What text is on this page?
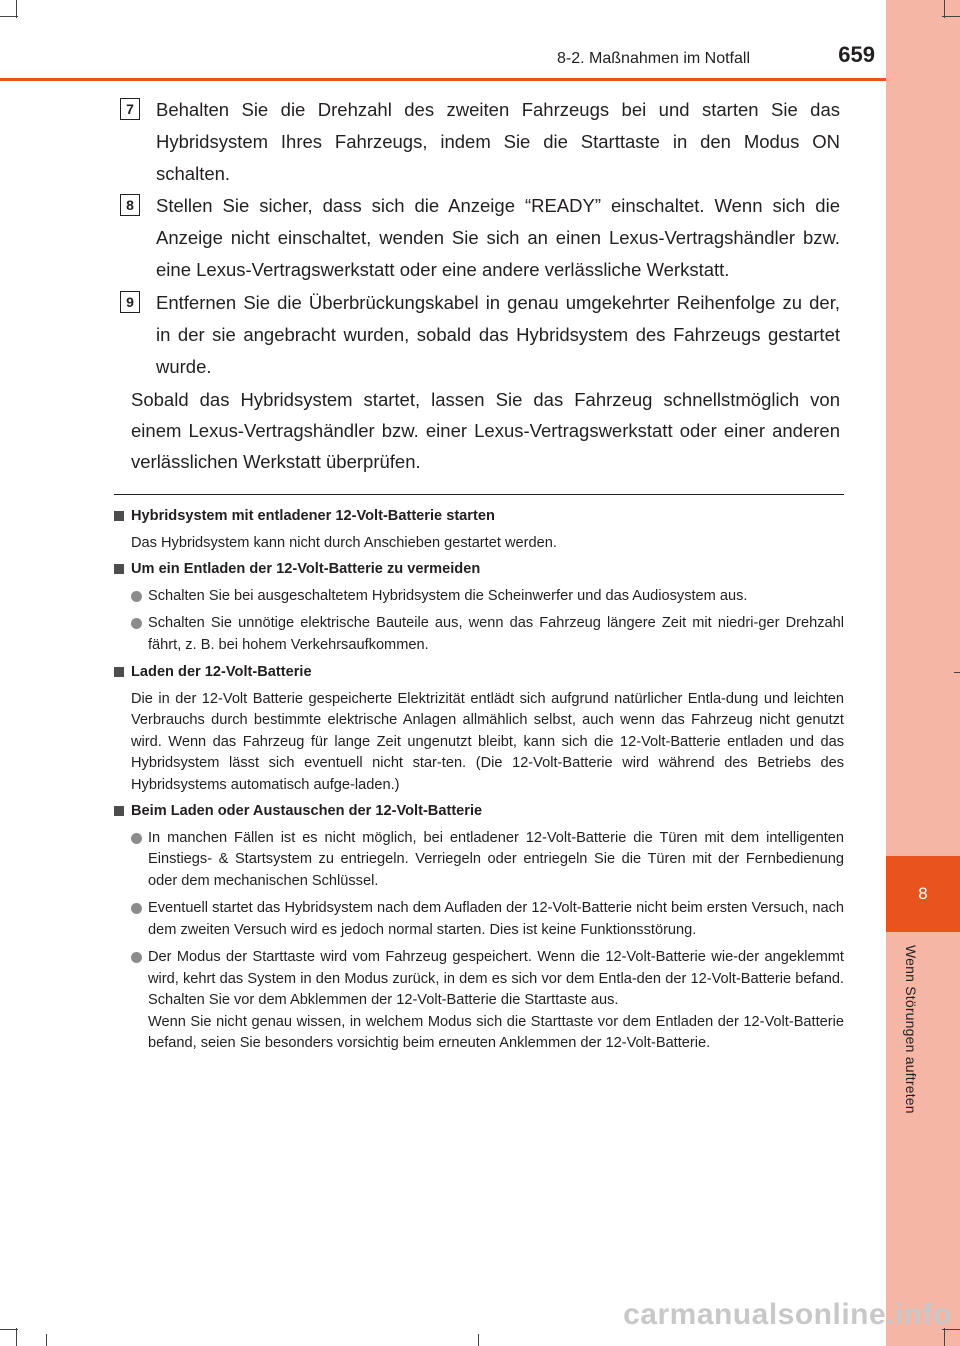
8
Wenn Störungen auftreten
8-2. Maßnahmen im Notfall	659
7	Behalten Sie die Drehzahl des zweiten Fahrzeugs bei und starten Sie das Hybridsystem Ihres Fahrzeugs, indem Sie die Starttaste in den Modus ON schalten.
8	Stellen Sie sicher, dass sich die Anzeige “READY” einschaltet. Wenn sich die Anzeige nicht einschaltet, wenden Sie sich an einen Lexus-Vertragshändler bzw. eine Lexus-Vertragswerkstatt oder eine andere verlässliche Werkstatt.
9	Entfernen Sie die Überbrückungskabel in genau umgekehrter Reihenfolge zu der, in der sie angebracht wurden, sobald das Hybridsystem des Fahrzeugs gestartet wurde.
Sobald das Hybridsystem startet, lassen Sie das Fahrzeug schnellstmöglich von einem Lexus-Vertragshändler bzw. einer Lexus-Vertragswerkstatt oder einer anderen verlässlichen Werkstatt überprüfen.
Hybridsystem mit entladener 12-Volt-Batterie starten
Das Hybridsystem kann nicht durch Anschieben gestartet werden.
Um ein Entladen der 12-Volt-Batterie zu vermeiden
Schalten Sie bei ausgeschaltetem Hybridsystem die Scheinwerfer und das Audiosystem aus.
Schalten Sie unnötige elektrische Bauteile aus, wenn das Fahrzeug längere Zeit mit niedri-ger Drehzahl fährt, z. B. bei hohem Verkehrsaufkommen.
Laden der 12-Volt-Batterie
Die in der 12-Volt Batterie gespeicherte Elektrizität entlädt sich aufgrund natürlicher Entla-dung und leichten Verbrauchs durch bestimmte elektrische Anlagen allmählich selbst, auch wenn das Fahrzeug nicht genutzt wird. Wenn das Fahrzeug für lange Zeit ungenutzt bleibt, kann sich die 12-Volt-Batterie entladen und das Hybridsystem lässt sich eventuell nicht star-ten. (Die 12-Volt-Batterie wird während des Betriebs des Hybridsystems automatisch aufge-laden.)
Beim Laden oder Austauschen der 12-Volt-Batterie
In manchen Fällen ist es nicht möglich, bei entladener 12-Volt-Batterie die Türen mit dem intelligenten Einstiegs- & Startsystem zu entriegeln. Verriegeln oder entriegeln Sie die Türen mit der Fernbedienung oder dem mechanischen Schlüssel.
Eventuell startet das Hybridsystem nach dem Aufladen der 12-Volt-Batterie nicht beim ersten Versuch, nach dem zweiten Versuch wird es jedoch normal starten. Dies ist keine Funktionsstörung.
Der Modus der Starttaste wird vom Fahrzeug gespeichert. Wenn die 12-Volt-Batterie wie-der angeklemmt wird, kehrt das System in den Modus zurück, in dem es sich vor dem Entla-den der 12-Volt-Batterie befand. Schalten Sie vor dem Abklemmen der 12-Volt-Batterie die Starttaste aus.
Wenn Sie nicht genau wissen, in welchem Modus sich die Starttaste vor dem Entladen der 12-Volt-Batterie befand, seien Sie besonders vorsichtig beim erneuten Anklemmen der 12-Volt-Batterie.
carmanualsonline.info
